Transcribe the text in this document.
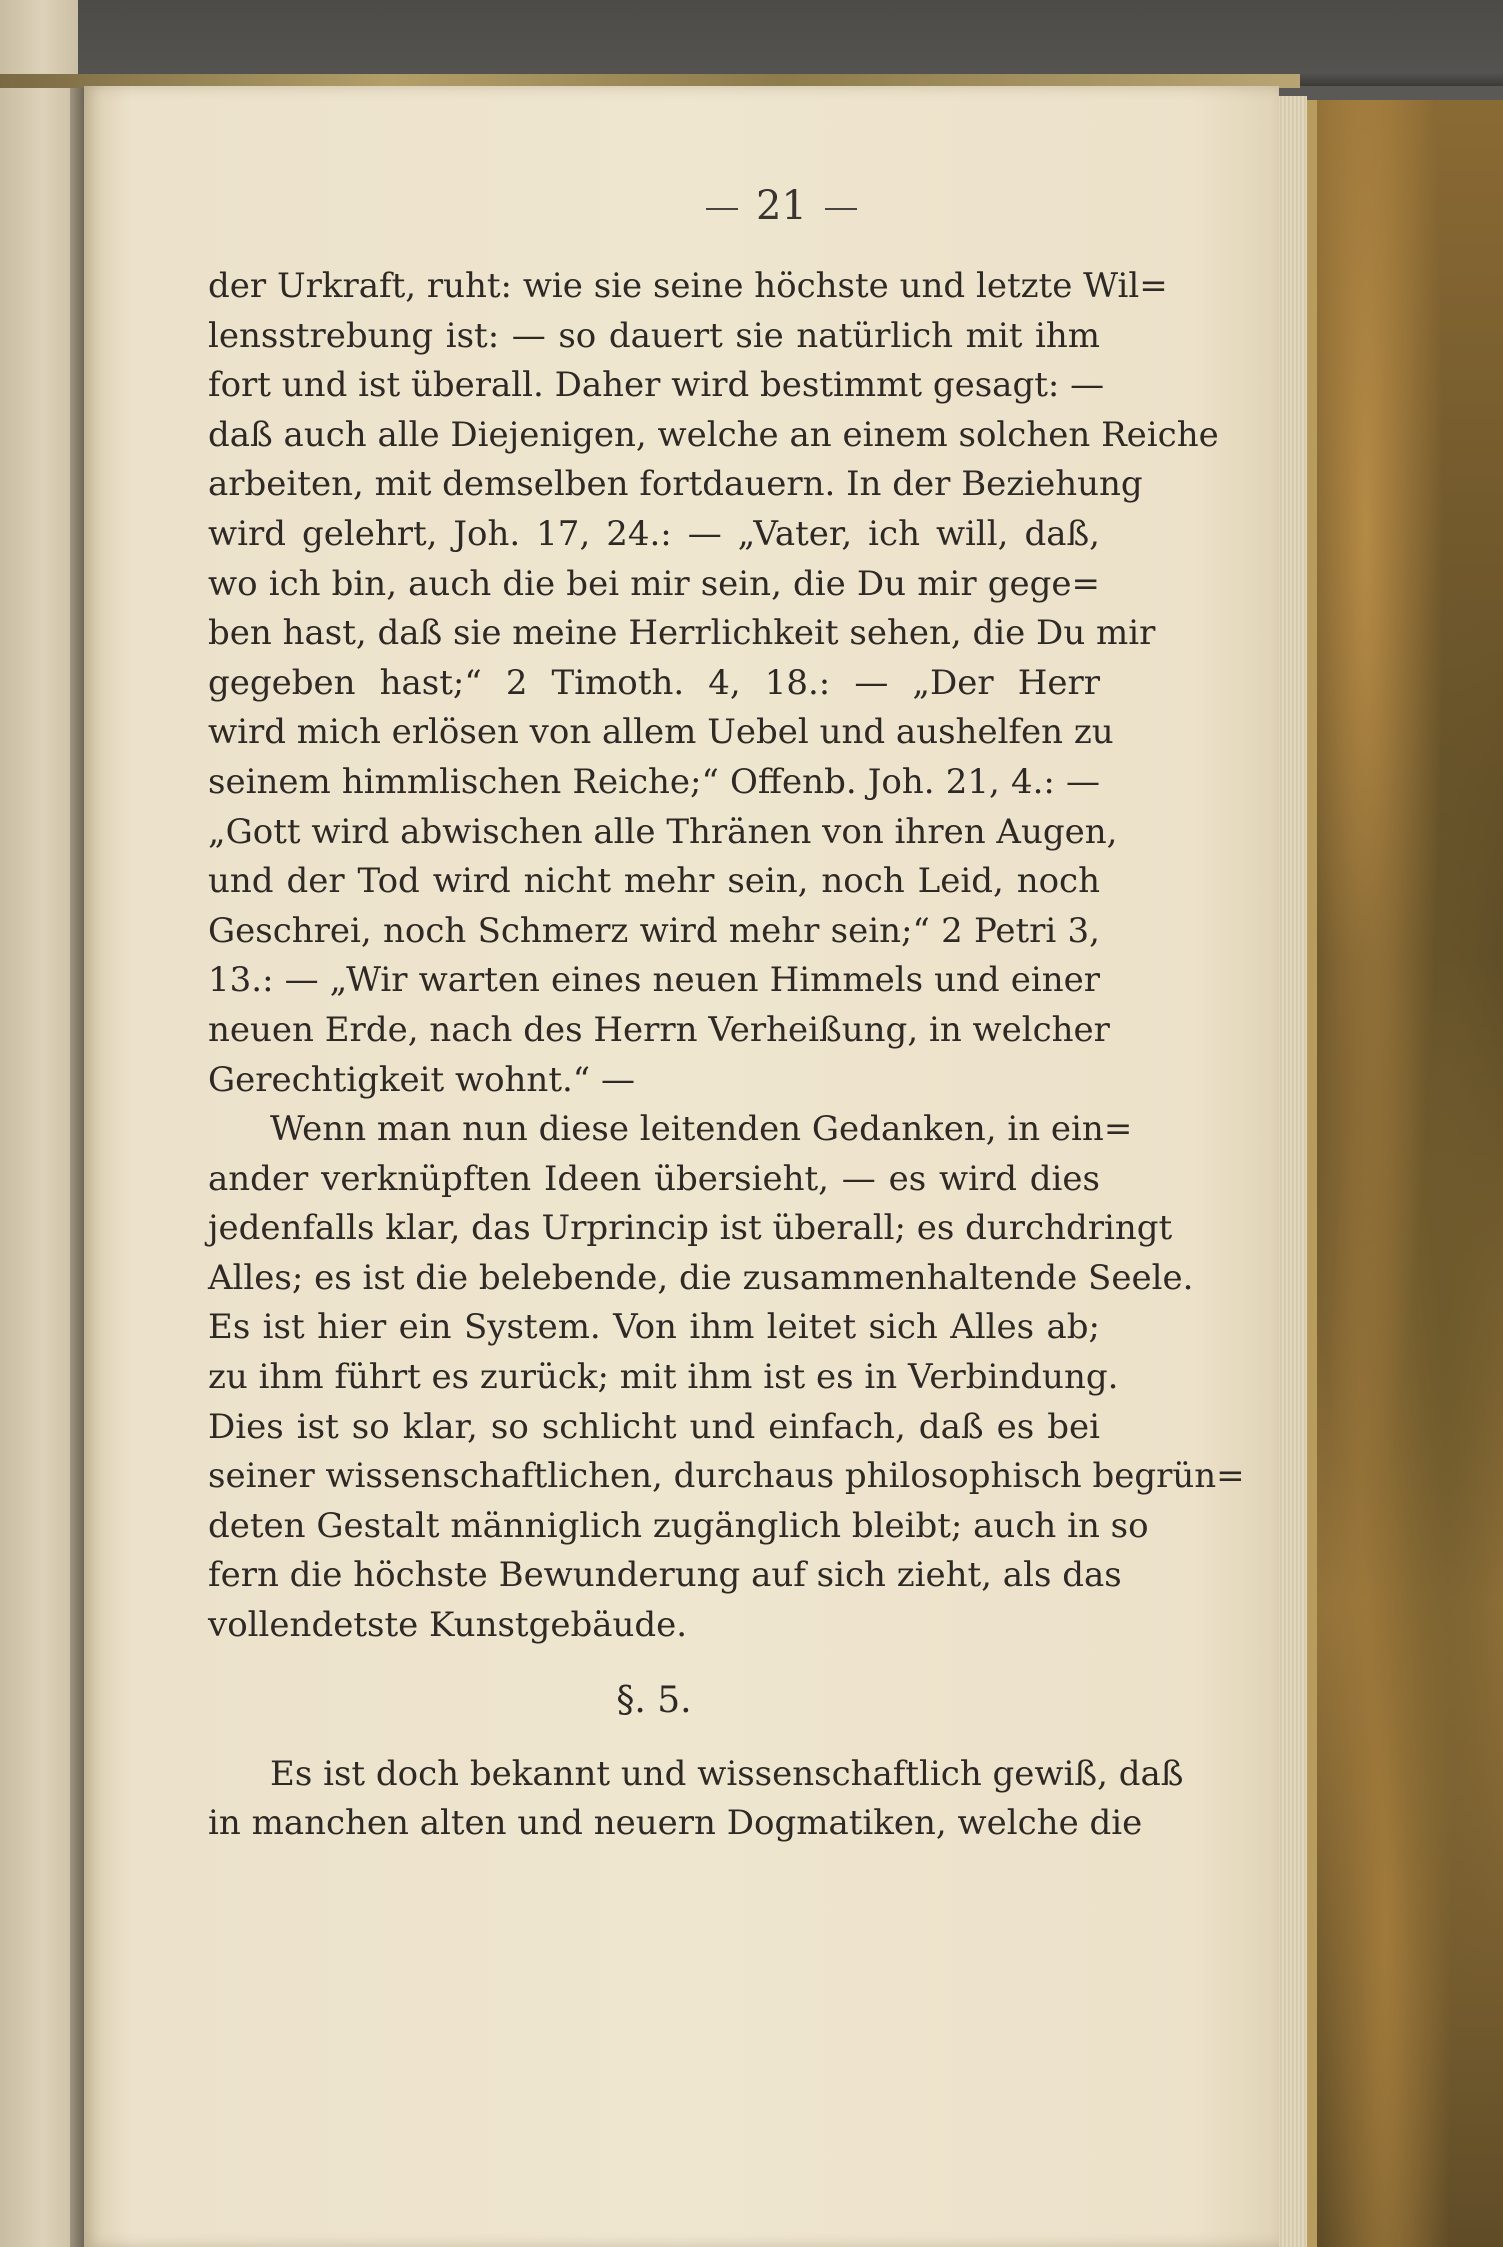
21
der Urkraft, ruht: wie sie seine höchste und letzte Wil=
lensstrebung ist: — so dauert sie natürlich mit ihm
fort und ist überall. Daher wird bestimmt gesagt: —
daß auch alle Diejenigen, welche an einem solchen Reiche
arbeiten, mit demselben fortdauern. In der Beziehung
wird gelehrt, Joh. 17, 24.: — „Vater, ich will, daß,
wo ich bin, auch die bei mir sein, die Du mir gege=
ben hast, daß sie meine Herrlichkeit sehen, die Du mir
gegeben hast;“ 2 Timoth. 4, 18.: — „Der Herr
wird mich erlösen von allem Uebel und aushelfen zu
seinem himmlischen Reiche;“ Offenb. Joh. 21, 4.: —
„Gott wird abwischen alle Thränen von ihren Augen,
und der Tod wird nicht mehr sein, noch Leid, noch
Geschrei, noch Schmerz wird mehr sein;“ 2 Petri 3,
13.: — „Wir warten eines neuen Himmels und einer
neuen Erde, nach des Herrn Verheißung, in welcher
Gerechtigkeit wohnt.“ —
Wenn man nun diese leitenden Gedanken, in ein=
ander verknüpften Ideen übersieht, — es wird dies
jedenfalls klar, das Urprincip ist überall; es durchdringt
Alles; es ist die belebende, die zusammenhaltende Seele.
Es ist hier ein System. Von ihm leitet sich Alles ab;
zu ihm führt es zurück; mit ihm ist es in Verbindung.
Dies ist so klar, so schlicht und einfach, daß es bei
seiner wissenschaftlichen, durchaus philosophisch begrün=
deten Gestalt männiglich zugänglich bleibt; auch in so
fern die höchste Bewunderung auf sich zieht, als das
vollendetste Kunstgebäude.
§. 5.
Es ist doch bekannt und wissenschaftlich gewiß, daß
in manchen alten und neuern Dogmatiken, welche die
